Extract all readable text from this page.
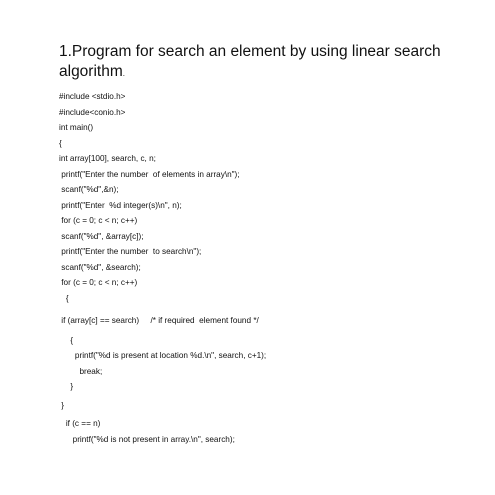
1.Program for search an element by using linear search
algorithm.
#include <stdio.h>
#include<conio.h>
int main()
{
int array[100], search, c, n;
printf("Enter the number  of elements in array\n");
scanf("%d",&n);
printf("Enter  %d integer(s)\n", n);
for (c = 0; c < n; c++)
scanf("%d", &array[c]);
printf("Enter the number  to search\n");
scanf("%d", &search);
for (c = 0; c < n; c++)
{
if (array[c] == search)     /* if required  element found */
{
printf("%d is present at location %d.\n", search, c+1);
break;
}
}
if (c == n)
printf("%d is not present in array.\n", search);
